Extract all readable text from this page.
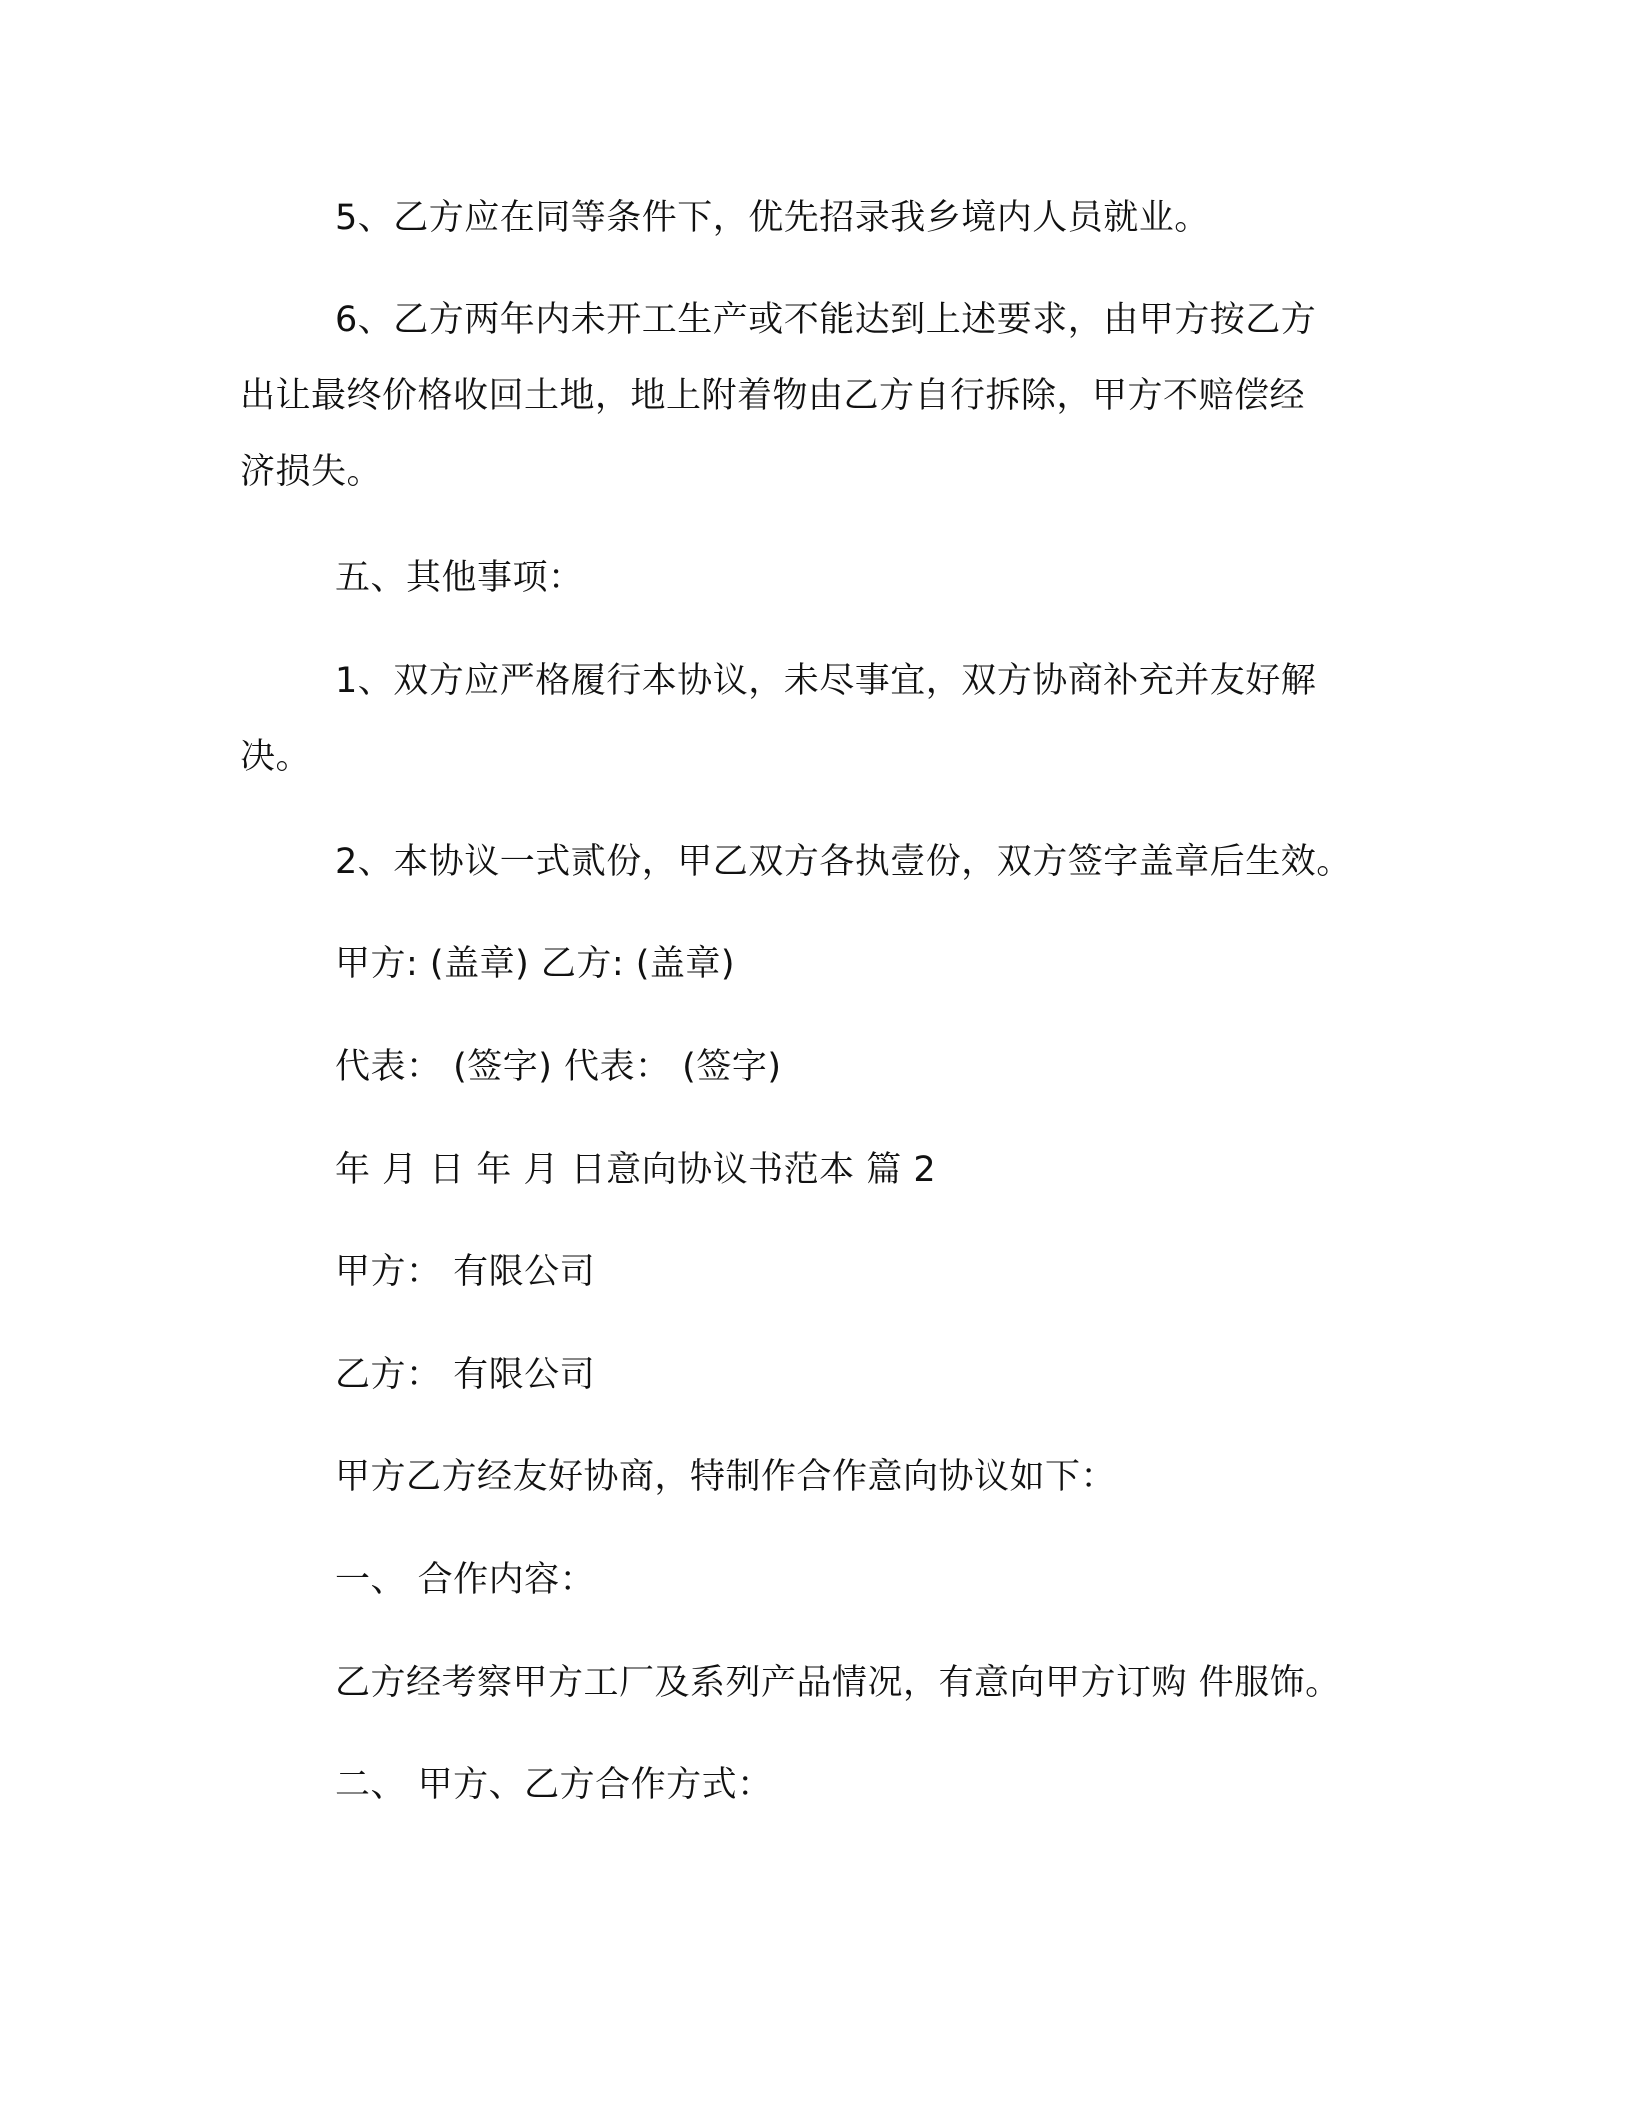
5、乙方应在同等条件下，优先招录我乡境内人员就业。

6、乙方两年内未开工生产或不能达到上述要求，由甲方按乙方
出让最终价格收回土地，地上附着物由乙方自行拆除，甲方不赔偿经
济损失。

五、其他事项：

1、双方应严格履行本协议，未尽事宜，双方协商补充并友好解
决。

2、本协议一式贰份，甲乙双方各执壹份，双方签字盖章后生效。

甲方: (盖章) 乙方: (盖章)

代表： (签字) 代表： (签字)

年 月 日 年 月 日意向协议书范本 篇 2

甲方： 有限公司

乙方： 有限公司

甲方乙方经友好协商，特制作合作意向协议如下：

一、 合作内容：

乙方经考察甲方工厂及系列产品情况，有意向甲方订购 件服饰。

二、 甲方、乙方合作方式：
